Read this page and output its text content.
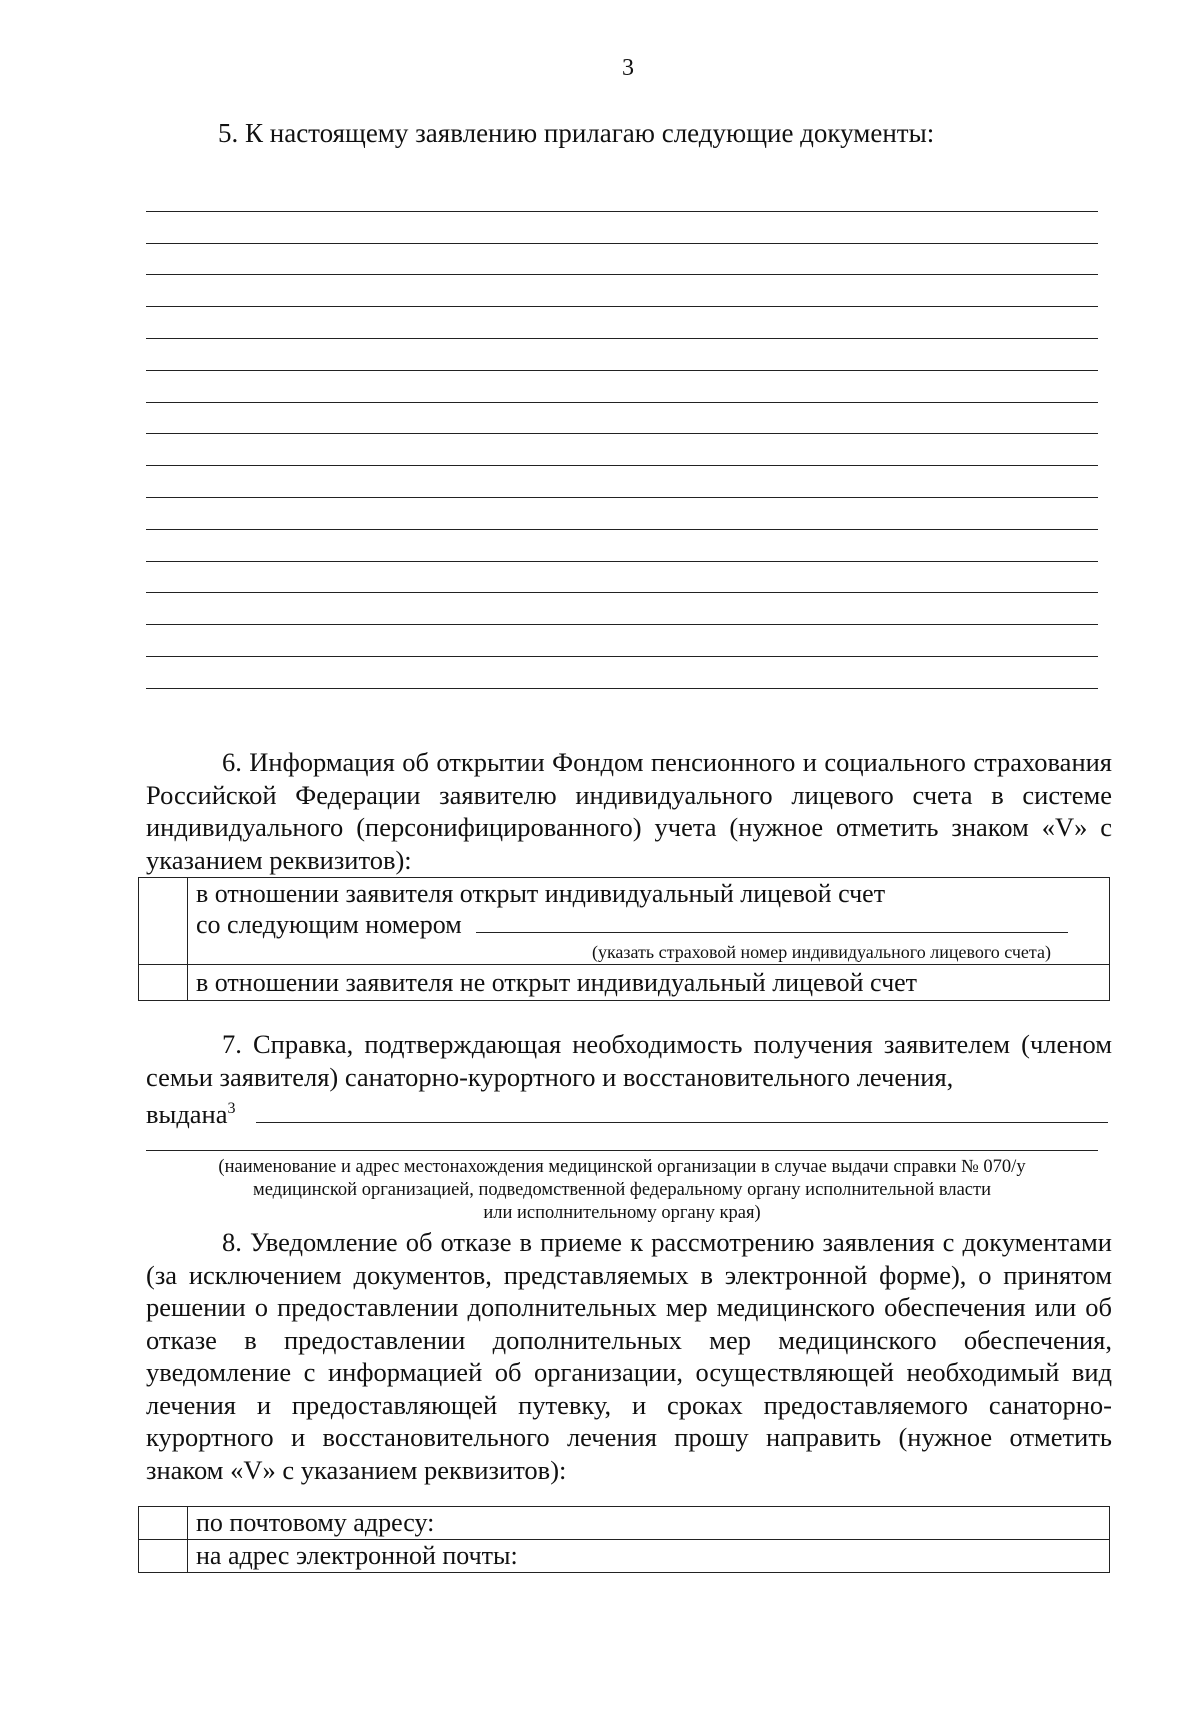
3
5. К настоящему заявлению прилагаю следующие документы:
6. Информация об открытии Фондом пенсионного и социального страхования Российской Федерации заявителю индивидуального лицевого счета в системе индивидуального (персонифицированного) учета (нужное отметить знаком «V» с указанием реквизитов):

	в отношении заявителя открыт индивидуальный лицевой счет
со следующим номером
(указать страховой номер индивидуального лицевого счета)

	в отношении заявителя не открыт индивидуальный лицевой счет
7. Справка, подтверждающая необходимость получения заявителем (членом семьи заявителя) санаторно-курортного и восстановительного лечения,
выдана$^3$
(наименование и адрес местонахождения медицинской организации в случае выдачи справки № 070/у
медицинской организацией, подведомственной федеральному органу исполнительной власти
или исполнительному органу края)
8. Уведомление об отказе в приеме к рассмотрению заявления с документами (за исключением документов, представляемых в электронной форме), о принятом решении о предоставлении дополнительных мер медицинского обеспечения или об отказе в предоставлении дополнительных мер медицинского обеспечения, уведомление с информацией об организации, осуществляющей необходимый вид лечения и предоставляющей путевку, и сроках предоставляемого санаторно-курортного и восстановительного лечения прошу направить (нужное отметить знаком «V» с указанием реквизитов):
	по почтовому адресу:
	на адрес электронной почты:
